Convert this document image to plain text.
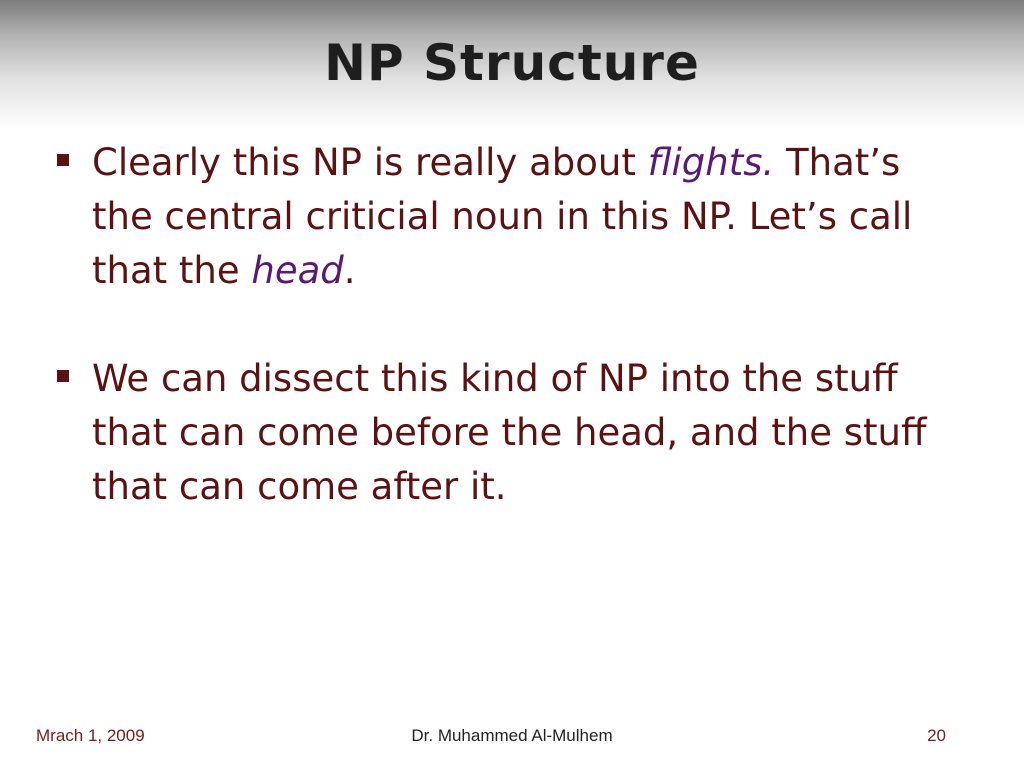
NP Structure
Clearly this NP is really about flights. That’s the central criticial noun in this NP. Let’s call that the head.
We can dissect this kind of NP into the stuff that can come before the head, and the stuff that can come after it.
Mrach 1, 2009	Dr. Muhammed Al-Mulhem	20
